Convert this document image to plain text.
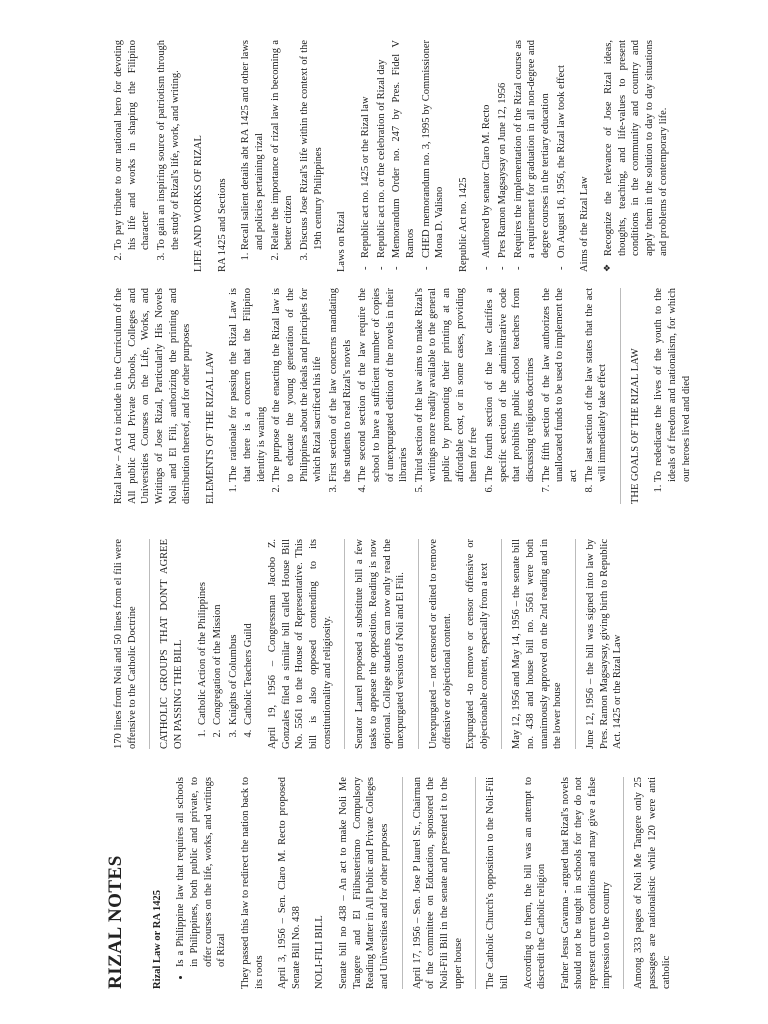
RIZAL NOTES Rizal Law or RA 1425 • Is a Philippine law that requires all schools in Philippines, both public and private, to offer courses on the life, works, and writings of Rizal They passed this law to redirect the nation back to its roots April 3, 1956 – Sen. Claro M. Recto proposed Senate Bill No. 438 NOLI-FILI BILL Senate bill no 438 – An act to make Noli Me Tangere and El Filibusterismo Compulsory Reading Matter in All Public and Private Colleges and Universities and for other purposes April 17, 1956 – Sen. Jose P laurel Sr., Chairman of the committee on Education, sponsored the Noli-Fili Bill in the senate and presented it to the upper house The Catholic Church's opposition to the Noli-Fili bill According to them, the bill was an attempt to discredit the Catholic religion Father Jesus Cavanna - argued that Rizal's novels should not be taught in schools for they do not represent current conditions and may give a false impression to the country Among 333 pages of Noli Me Tangere only 25 passages are nationalistic while 120 were anti catholic

170 lines from Noli and 50 lines from el fili were offensive to the Catholic Doctrine CATHOLIC GROUPS THAT DON'T AGREE ON PASSING THE BILL 1. Catholic Action of the Philippines 2. Congregation of the Mission 3. Knights of Columbus 4. Catholic Teachers Guild April 19, 1956 – Congressman Jacobo Z. Gonzales filed a similar bill called House Bill No. 5561 to the House of Representative. This bill is also opposed contending to its constitutionality and religiosity. Senator Laurel proposed a substitute bill a few tasks to appease the opposition. Reading is now optional. College students can now only read the unexpurgated versions of Noli and El Fili. Unexpurgated – not censored or edited to remove offensive or objectional content. Expurgated -to remove or censor offensive or objectionable content, especially from a text May 12, 1956 and May 14, 1956 – the senate bill no. 438 and house bill no. 5561 were both unanimously approved on the 2nd reading and in the lower house June 12, 1956 – the bill was signed into law by Pres. Ramon Magsaysay, giving birth to Republic Act. 1425 or the Rizal Law

Rizal law – Act to include in the Curriculum of the All public And Private Schools, Colleges and Universities Courses on the Life, Works, and Writings of Jose Rizal, Particularly His Novels Noli and El Fili, authorizing the printing and distribution thereof, and for other purposes ELEMENTS OF THE RIZAL LAW 1. The rationale for passing the Rizal Law is that there is a concern that the Filipino identity is waning 2. The purpose of the enacting the Rizal law is to educate the young generation of the Philippines about the ideals and principles for which Rizal sacrificed his life 3. First section of the law concerns mandating the students to read Rizal's novels 4. The second section of the law require the school to have a sufficient number of copies of unexpurgated edition of the novels in their libraries 5. Third section of the law aims to make Rizal's writings more readily available to the general public by promoting their printing at an affordable cost, or in some cases, providing them for free 6. The fourth section of the law clarifies a specific section of the administrative code that prohibits public school teachers from discussing religious doctrines 7. The fifth section of the law authorizes the unallocated funds to be used to implement the act 8. The last section of the law states that the act will immediately take effect THE GOALS OF THE RIZAL LAW 1. To rededicate the lives of the youth to the ideals of freedom and nationalism, for which our heroes lived and died
2. To pay tribute to our national hero for devoting his life and works in shaping the Filipino character 3. To gain an inspiring source of patriotism through the study of Rizal's life, work, and writing. LIFE AND WORKS OF RIZAL RA 1425 and Sections 1. Recall salient details abt RA 1425 and other laws and policies pertaining rizal 2. Relate the importance of rizal law in becoming a better citizen 3. Discuss Jose Rizal's life within the context of the 19th century Philippines Laws on Rizal - Republic act no. 1425 or the Rizal law - Republic act no. or the celebration of Rizal day - Memorandum Order no. 247 by Pres. Fidel V Ramos - CHED memorandum no. 3, 1995 by Commissioner Mona D. Valisno Republic Act no. 1425 - Authored by senator Claro M. Recto - Pres Ramon Magsaysay on June 12, 1956 - Requires the implementation of the Rizal course as a requirement for graduation in all non-degree and degree courses in the tertiary education - On August 16, 1956, the Rizal law took effect Aims of the Rizal Law ❖ Recognize the relevance of Jose Rizal ideas, thoughts, teaching, and life-values to present conditions in the community and country and apply them in the solution to day to day situations and problems of contemporary life.
